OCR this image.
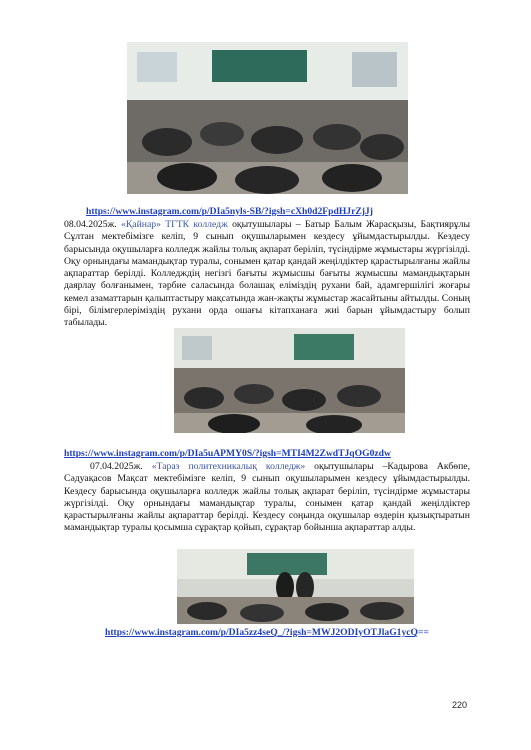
https://www.instagram.com/p/DIa5nyls-SB/?igsh=cXh0d2FpdHJrZjJj

08.04.2025ж. «Қайнар» ТГТК колледж оқытушылары – Батыр Балым Жарасқызы, Бақтиярұлы Сұлтан мектебімізге келіп, 9 сынып оқушыларымен кездесу ұйымдастырылды. Кездесу барысында оқушыларға колледж жайлы толық ақпарат беріліп, түсіндірме жұмыстары жүргізілді. Оқу орнындағы мамандықтар туралы, сонымен қатар қандай жеңілдіктер қарастырылғаны жайлы ақпараттар берілді. Колледждің негізгі бағыты жұмысшы бағыты жұмысшы мамандықтарын даярлау болғанымен, тәрбие саласында болашақ еліміздің рухани бай, адамгершілігі жоғары кемел азаматтарын қалыптастыру мақсатында жан-жақты жұмыстар жасайтыны айтылды. Соның бірі, білімгерлеріміздің рухани орда ошағы кітапханаға жиі барын ұйымдастыру болып табылады.

https://www.instagram.com/p/DIa5uAPMY0S/?igsh=MTI4M2ZwdTJqOG0zdw

07.04.2025ж. «Тараз политехникалық колледж» оқытушылары –Кадырова Акбөпе, Сәдуақасов Мақсат мектебімізге келіп, 9 сынып оқушыларымен кездесу ұйымдастырылды. Кездесу барысында оқушыларға колледж жайлы толық ақпарат беріліп, түсіндірме жұмыстары жүргізілді. Оқу орнындағы мамандықтар туралы, сонымен қатар қандай жеңілдіктер қарастырылғаны жайлы ақпараттар берілді. Кездесу соңында оқушылар өздерін қызықтыратын мамандықтар туралы қосымша сұрақтар қойып, сұрақтар бойынша ақпараттар алды.

https://www.instagram.com/p/DIa5zz4seQ_/?igsh=MWJ2ODIyOTJlaG1ycQ==
220
